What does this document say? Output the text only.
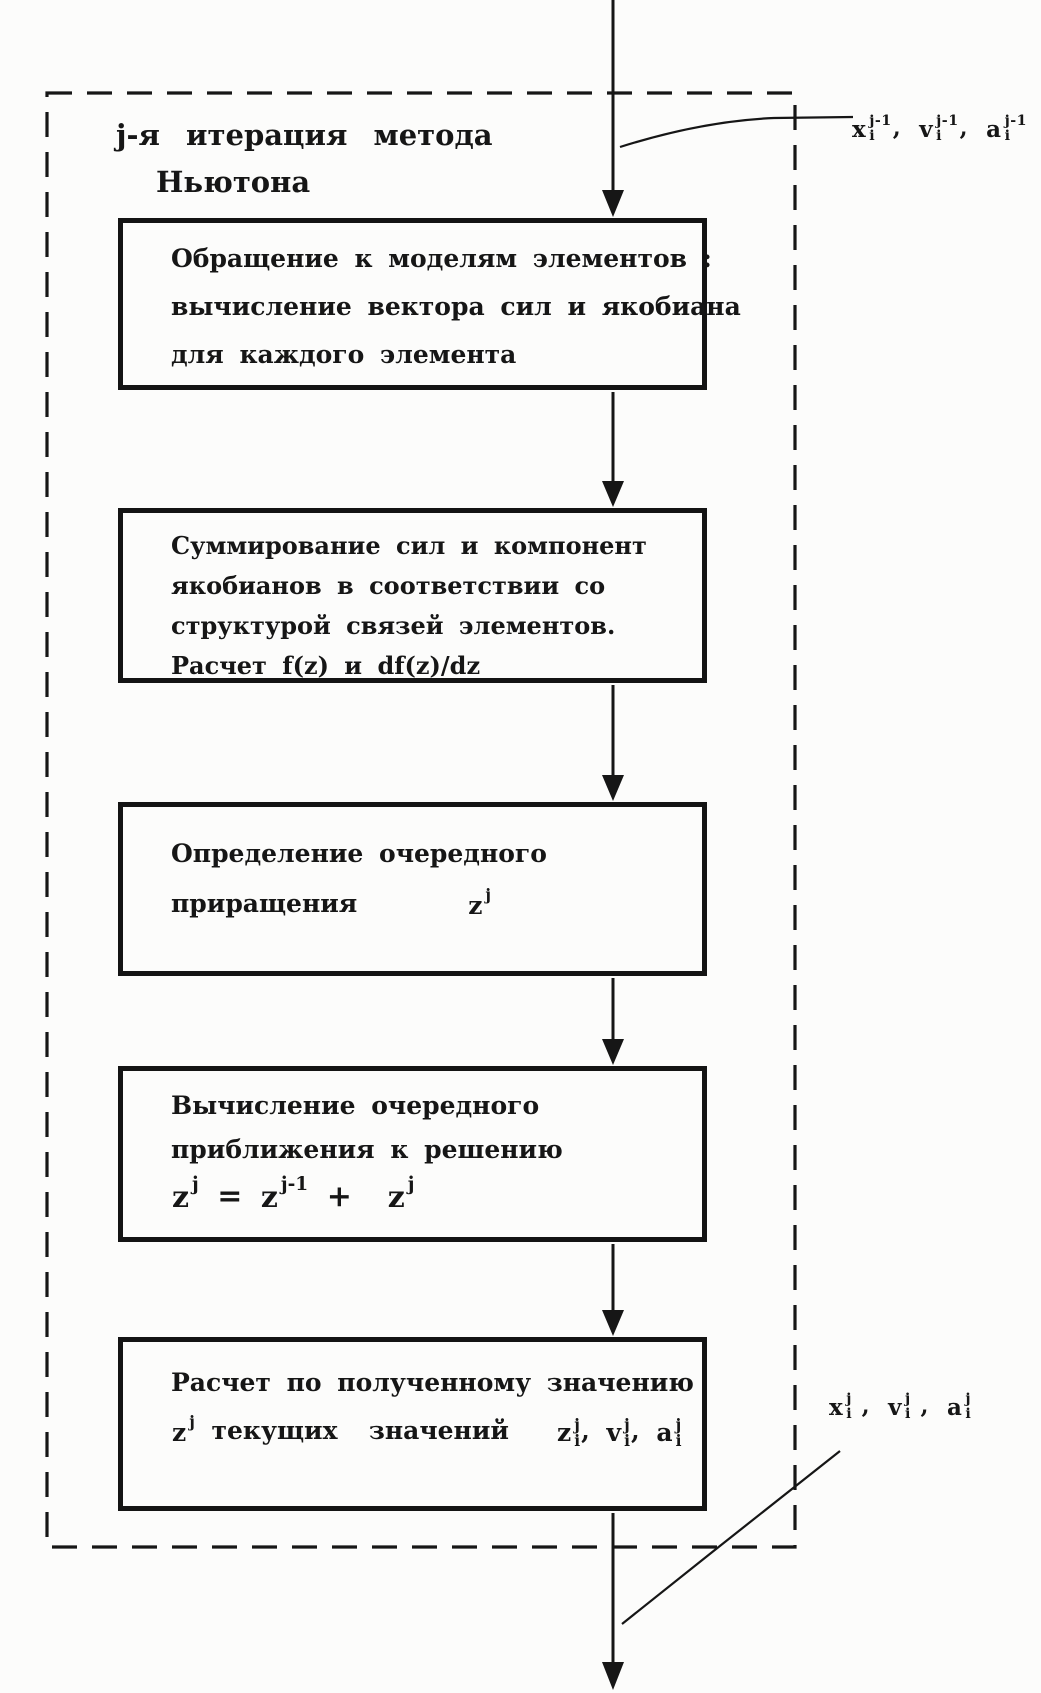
j-я итерация метода
Ньютона
Обращение к моделям элементов :
вычисление вектора сил и якобиана
для каждого элемента
Суммирование сил и компонент
якобианов в соответствии со
структурой связей элементов.
Расчет f(z) и df(z)/dz
Определение очередного
приращения	z j
Вычисление очередного
приближения к решению
z j = z j-1 + z j
Расчет по полученному значению
z j текущих  значений z j
i , v j
i , a j
i
x j-1
i , v j-1
i , a j-1
i
x j
i , v j
i , a j
i
